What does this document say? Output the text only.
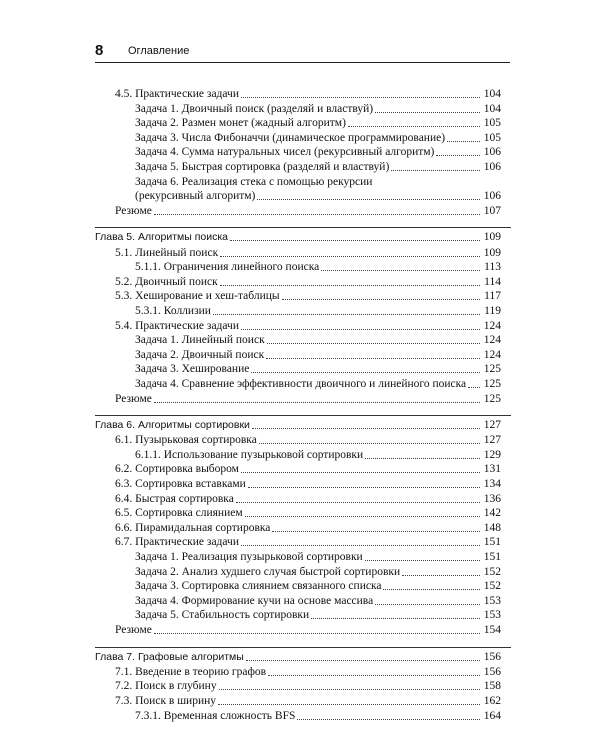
8 Оглавление
4.5. Практические задачи	104
Задача 1. Двоичный поиск (разделяй и властвуй)	104
Задача 2. Размен монет (жадный алгоритм)	105
Задача 3. Числа Фибоначчи (динамическое программирование)	105
Задача 4. Сумма натуральных чисел (рекурсивный алгоритм)	106
Задача 5. Быстрая сортировка (разделяй и властвуй)	106
Задача 6. Реализация стека с помощью рекурсии
(рекурсивный алгоритм)	106
Резюме	107
Глава 5. Алгоритмы поиска	109
5.1. Линейный поиск	109
5.1.1. Ограничения линейного поиска	113
5.2. Двоичный поиск	114
5.3. Хеширование и хеш-таблицы	117
5.3.1. Коллизии	119
5.4. Практические задачи	124
Задача 1. Линейный поиск	124
Задача 2. Двоичный поиск	124
Задача 3. Хеширование	125
Задача 4. Сравнение эффективности двоичного и линейного поиска 125
Резюме	125
Глава 6. Алгоритмы сортировки	127
6.1. Пузырьковая сортировка	127
6.1.1. Использование пузырьковой сортировки	129
6.2. Сортировка выбором	131
6.3. Сортировка вставками	134
6.4. Быстрая сортировка	136
6.5. Сортировка слиянием	142
6.6. Пирамидальная сортировка	148
6.7. Практические задачи	151
Задача 1. Реализация пузырьковой сортировки	151
Задача 2. Анализ худшего случая быстрой сортировки	152
Задача 3. Сортировка слиянием связанного списка	152
Задача 4. Формирование кучи на основе массива	153
Задача 5. Стабильность сортировки	153
Резюме	154
Глава 7. Графовые алгоритмы	156
7.1. Введение в теорию графов	156
7.2. Поиск в глубину	158
7.3. Поиск в ширину	162
7.3.1. Временная сложность BFS	164
